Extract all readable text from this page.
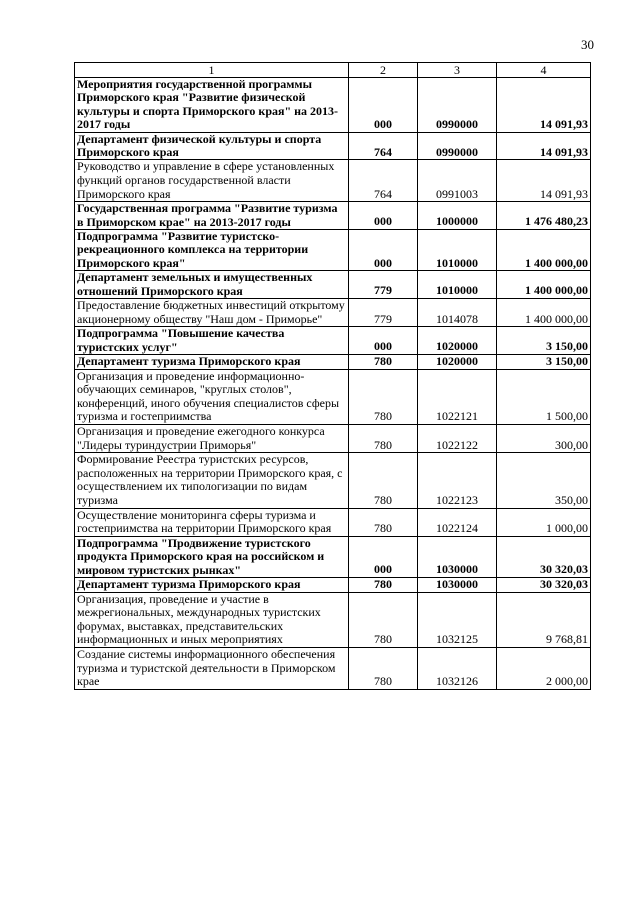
30
1	2	3	4
Мероприятия государственной программы Приморского края "Развитие физической культуры и спорта Приморского края" на 2013-2017 годы	000	0990000	14 091,93
Департамент физической культуры и спорта Приморского края	764	0990000	14 091,93
Руководство и управление в сфере установленных функций органов государственной власти Приморского края	764	0991003	14 091,93
Государственная программа "Развитие туризма в Приморском крае" на 2013-2017 годы	000	1000000	1 476 480,23
Подпрограмма "Развитие туристско-рекреационного комплекса на территории Приморского края"	000	1010000	1 400 000,00
Департамент земельных и имущественных отношений Приморского края	779	1010000	1 400 000,00
Предоставление бюджетных инвестиций открытому акционерному обществу "Наш дом - Приморье"	779	1014078	1 400 000,00
Подпрограмма "Повышение качества туристских услуг"	000	1020000	3 150,00
Департамент туризма Приморского края	780	1020000	3 150,00
Организация и проведение информационно-обучающих семинаров, "круглых столов", конференций, иного обучения специалистов сферы туризма и гостеприимства	780	1022121	1 500,00
Организация и проведение ежегодного конкурса "Лидеры туриндустрии Приморья"	780	1022122	300,00
Формирование Реестра туристских ресурсов, расположенных на территории Приморского края, с осуществлением их типологизации по видам туризма	780	1022123	350,00
Осуществление мониторинга сферы туризма и гостеприимства на территории Приморского края	780	1022124	1 000,00
Подпрограмма "Продвижение туристского продукта Приморского края на российском и мировом туристских рынках"	000	1030000	30 320,03
Департамент туризма Приморского края	780	1030000	30 320,03
Организация, проведение и участие в межрегиональных, международных туристских форумах, выставках, представительских информационных и иных мероприятиях	780	1032125	9 768,81
Создание системы информационного обеспечения туризма и туристской деятельности в Приморском крае	780	1032126	2 000,00
